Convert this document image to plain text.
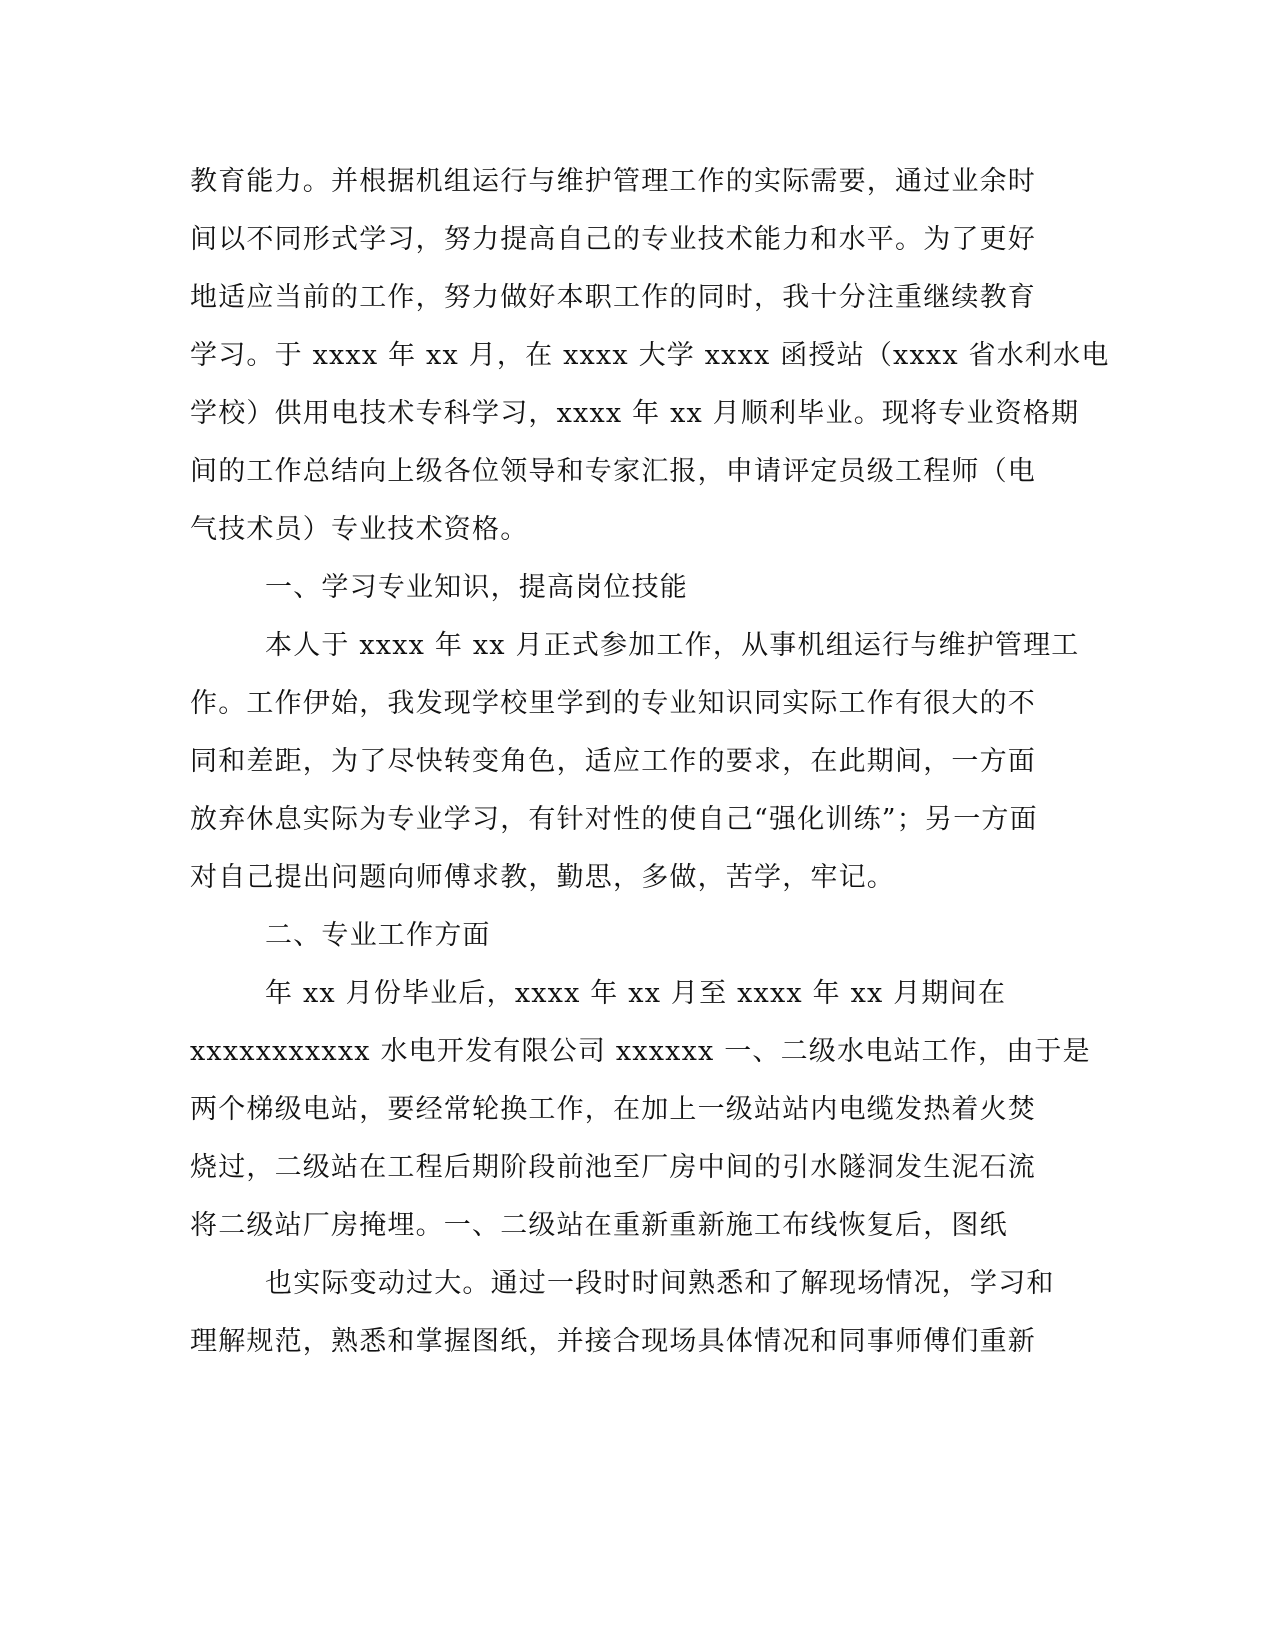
教育能力。并根据机组运行与维护管理工作的实际需要，通过业余时
间以不同形式学习，努力提高自己的专业技术能力和水平。为了更好
地适应当前的工作，努力做好本职工作的同时，我十分注重继续教育
学习。于 xxxx 年 xx 月，在 xxxx 大学 xxxx 函授站（xxxx 省水利水电
学校）供用电技术专科学习，xxxx 年 xx 月顺利毕业。现将专业资格期
间的工作总结向上级各位领导和专家汇报，申请评定员级工程师（电
气技术员）专业技术资格。
一、学习专业知识，提高岗位技能
本人于 xxxx 年 xx 月正式参加工作，从事机组运行与维护管理工
作。工作伊始，我发现学校里学到的专业知识同实际工作有很大的不
同和差距，为了尽快转变角色，适应工作的要求，在此期间，一方面
放弃休息实际为专业学习，有针对性的使自己“强化训练”；另一方面
对自己提出问题向师傅求教，勤思，多做，苦学，牢记。
二、专业工作方面
年 xx 月份毕业后，xxxx 年 xx 月至 xxxx 年 xx 月期间在
xxxxxxxxxxx 水电开发有限公司 xxxxxx 一、二级水电站工作，由于是
两个梯级电站，要经常轮换工作，在加上一级站站内电缆发热着火焚
烧过，二级站在工程后期阶段前池至厂房中间的引水隧洞发生泥石流
将二级站厂房掩埋。一、二级站在重新重新施工布线恢复后，图纸
也实际变动过大。通过一段时时间熟悉和了解现场情况，学习和
理解规范，熟悉和掌握图纸，并接合现场具体情况和同事师傅们重新
